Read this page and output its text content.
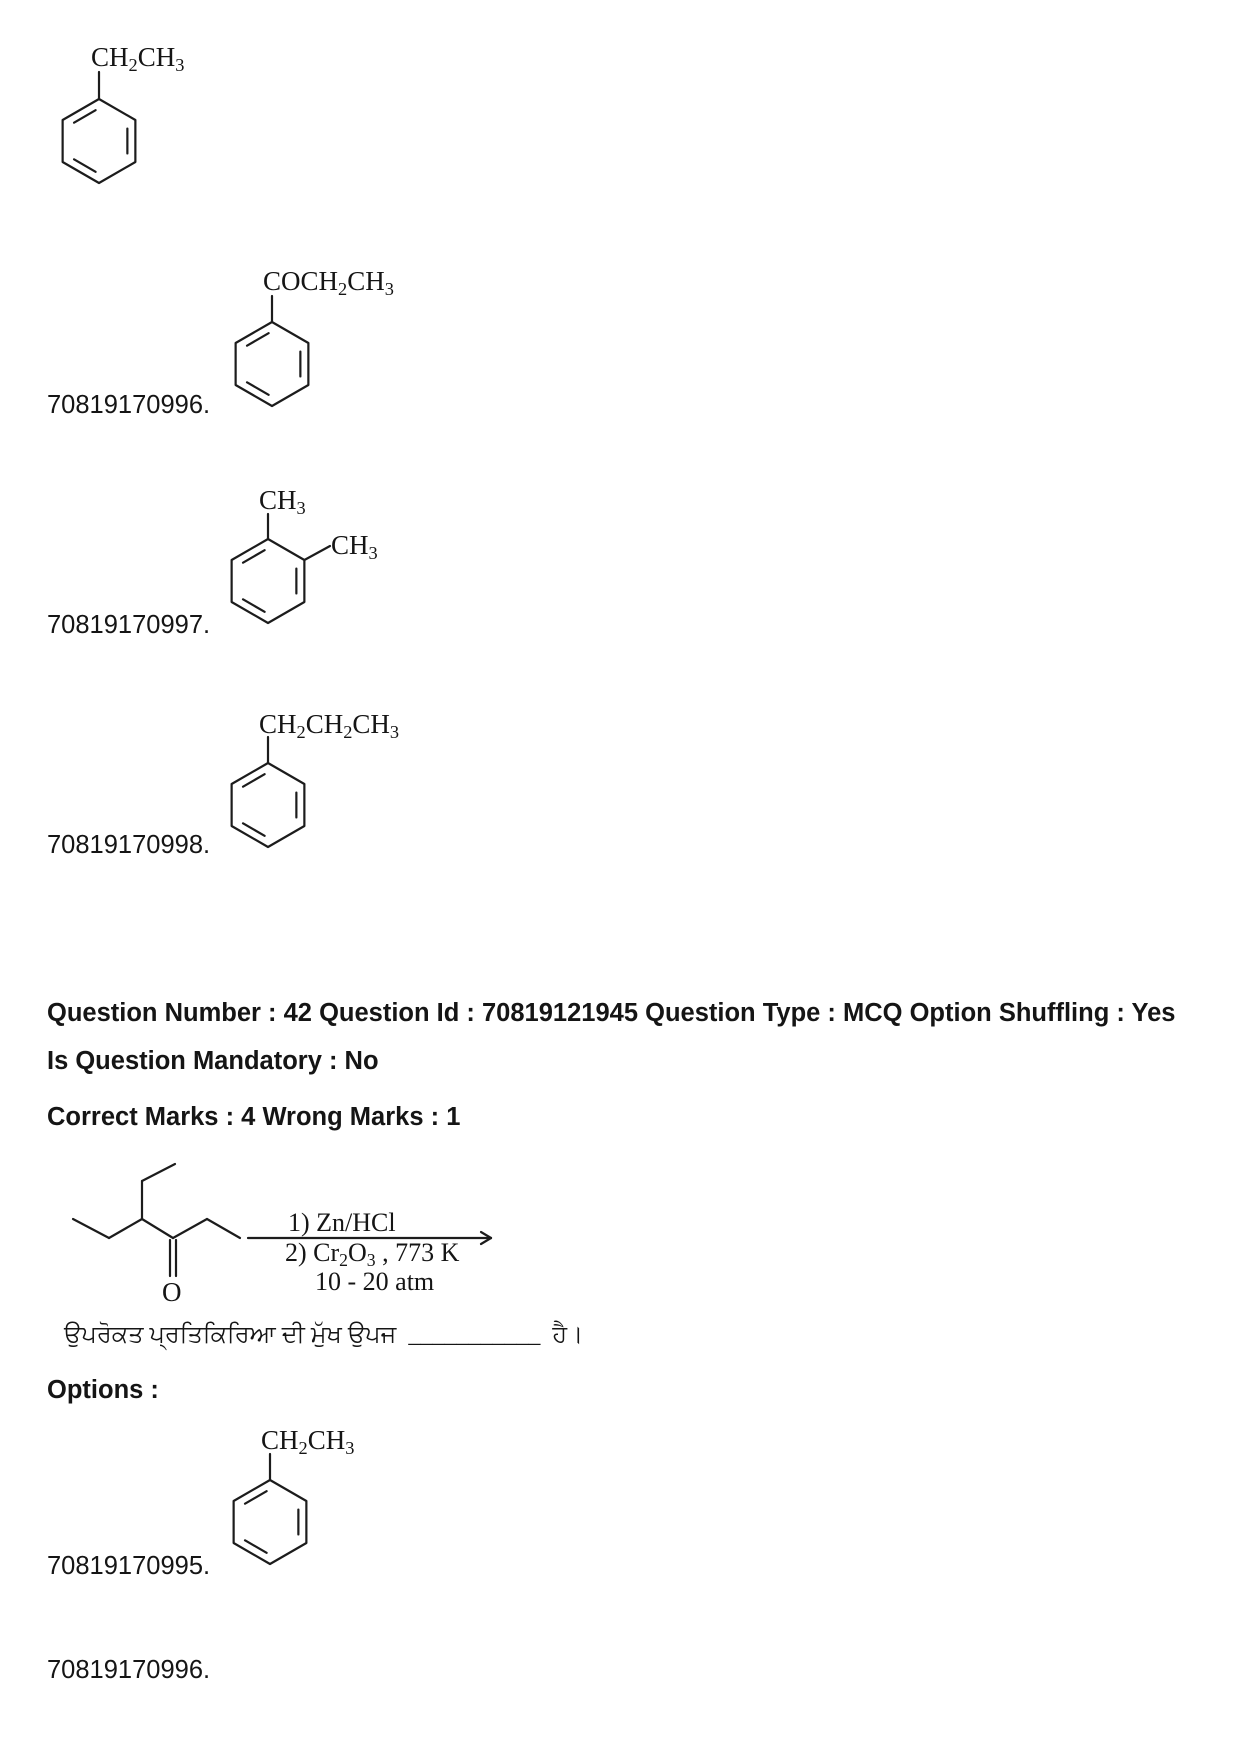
$CH_2CH_3$
$COCH_2CH_3$
70819170996.
$CH_3$
$CH_3$
70819170997.
$CH_2CH_2CH_3$
70819170998.
Question Number : 42 Question Id : 70819121945 Question Type : MCQ Option Shuffling : Yes
Is Question Mandatory : No
Correct Marks : 4 Wrong Marks : 1
O
1) Zn/HCl
2) $Cr_2O_3$ , 773 K
10 - 20 atm
ਉਪਰੋਕਤ ਪ੍ਰਤਿਕਿਰਿਆ ਦੀ ਮੁੱਖ ਉਪਜ ___________ ਹੈ।
Options :
$CH_2CH_3$
70819170995.
70819170996.
